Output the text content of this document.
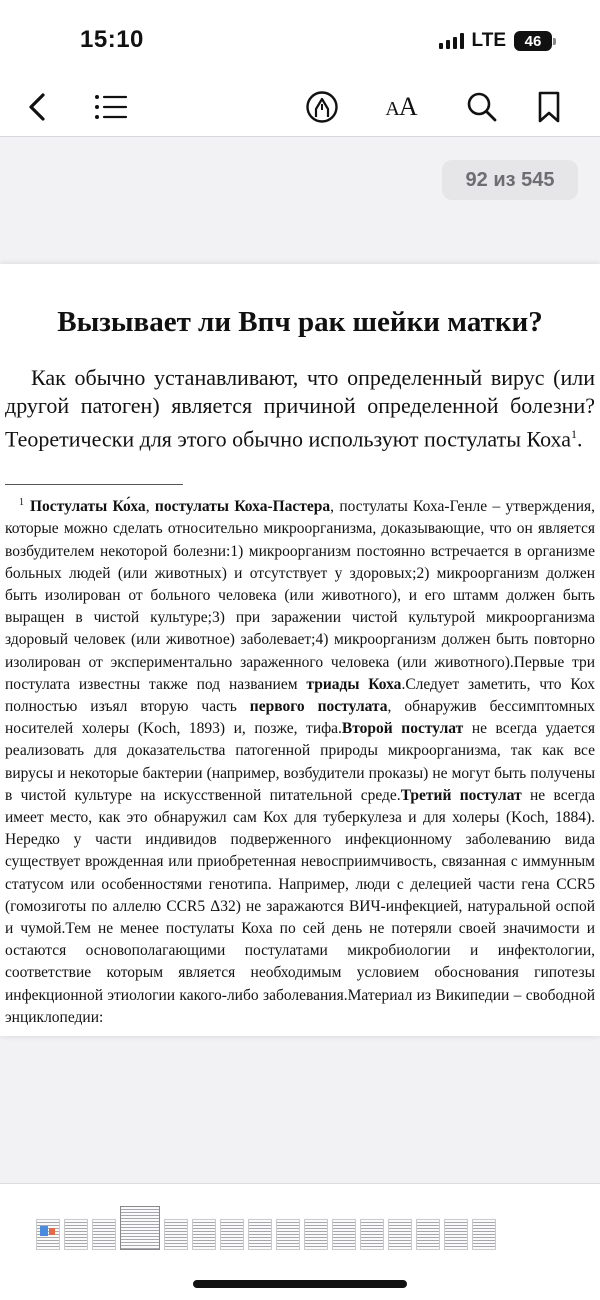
15:10	LTE 46
AA
92 из 545
Вызывает ли Впч рак шейки матки?

Как обычно устанавливают, что определенный вирус (или другой патоген) является причиной определенной болезни? Теоретически для этого обычно используют постулаты Коха$^1$.

$^1$ Постулаты Ко́ха, постулаты Коха-Пастера, постулаты Коха-Генле – утверждения, которые можно сделать относительно микроорганизма, доказывающие, что он является возбудителем некоторой болезни:1) микроорганизм постоянно встречается в организме больных людей (или животных) и отсутствует у здоровых;2) микроорганизм должен быть изолирован от больного человека (или животного), и его штамм должен быть выращен в чистой культуре;3) при заражении чистой культурой микроорганизма здоровый человек (или животное) заболевает;4) микроорганизм должен быть повторно изолирован от экспериментально зараженного человека (или животного).Первые три постулата известны также под названием триады Коха.Следует заметить, что Кох полностью изъял вторую часть первого постулата, обнаружив бессимптомных носителей холеры (Koch, 1893) и, позже, тифа.Второй постулат не всегда удается реализовать для доказательства патогенной природы микроорганизма, так как все вирусы и некоторые бактерии (например, возбудители проказы) не могут быть получены в чистой культуре на искусственной питательной среде.Третий постулат не всегда имеет место, как это обнаружил сам Кох для туберкулеза и для холеры (Koch, 1884). Нередко у части индивидов подверженного инфекционному заболеванию вида существует врожденная или приобретенная невосприимчивость, связанная с иммунным статусом или особенностями генотипа. Например, люди с делецией части гена CCR5 (гомозиготы по аллелю CCR5 Δ32) не заражаются ВИЧ-инфекцией, натуральной оспой и чумой.Тем не менее постулаты Коха по сей день не потеряли своей значимости и остаются основополагающими постулатами микробиологии и инфектологии, соответствие которым является необходимым условием обоснования гипотезы инфекционной этиологии какого-либо заболевания.Материал из Википедии – свободной энциклопедии:
